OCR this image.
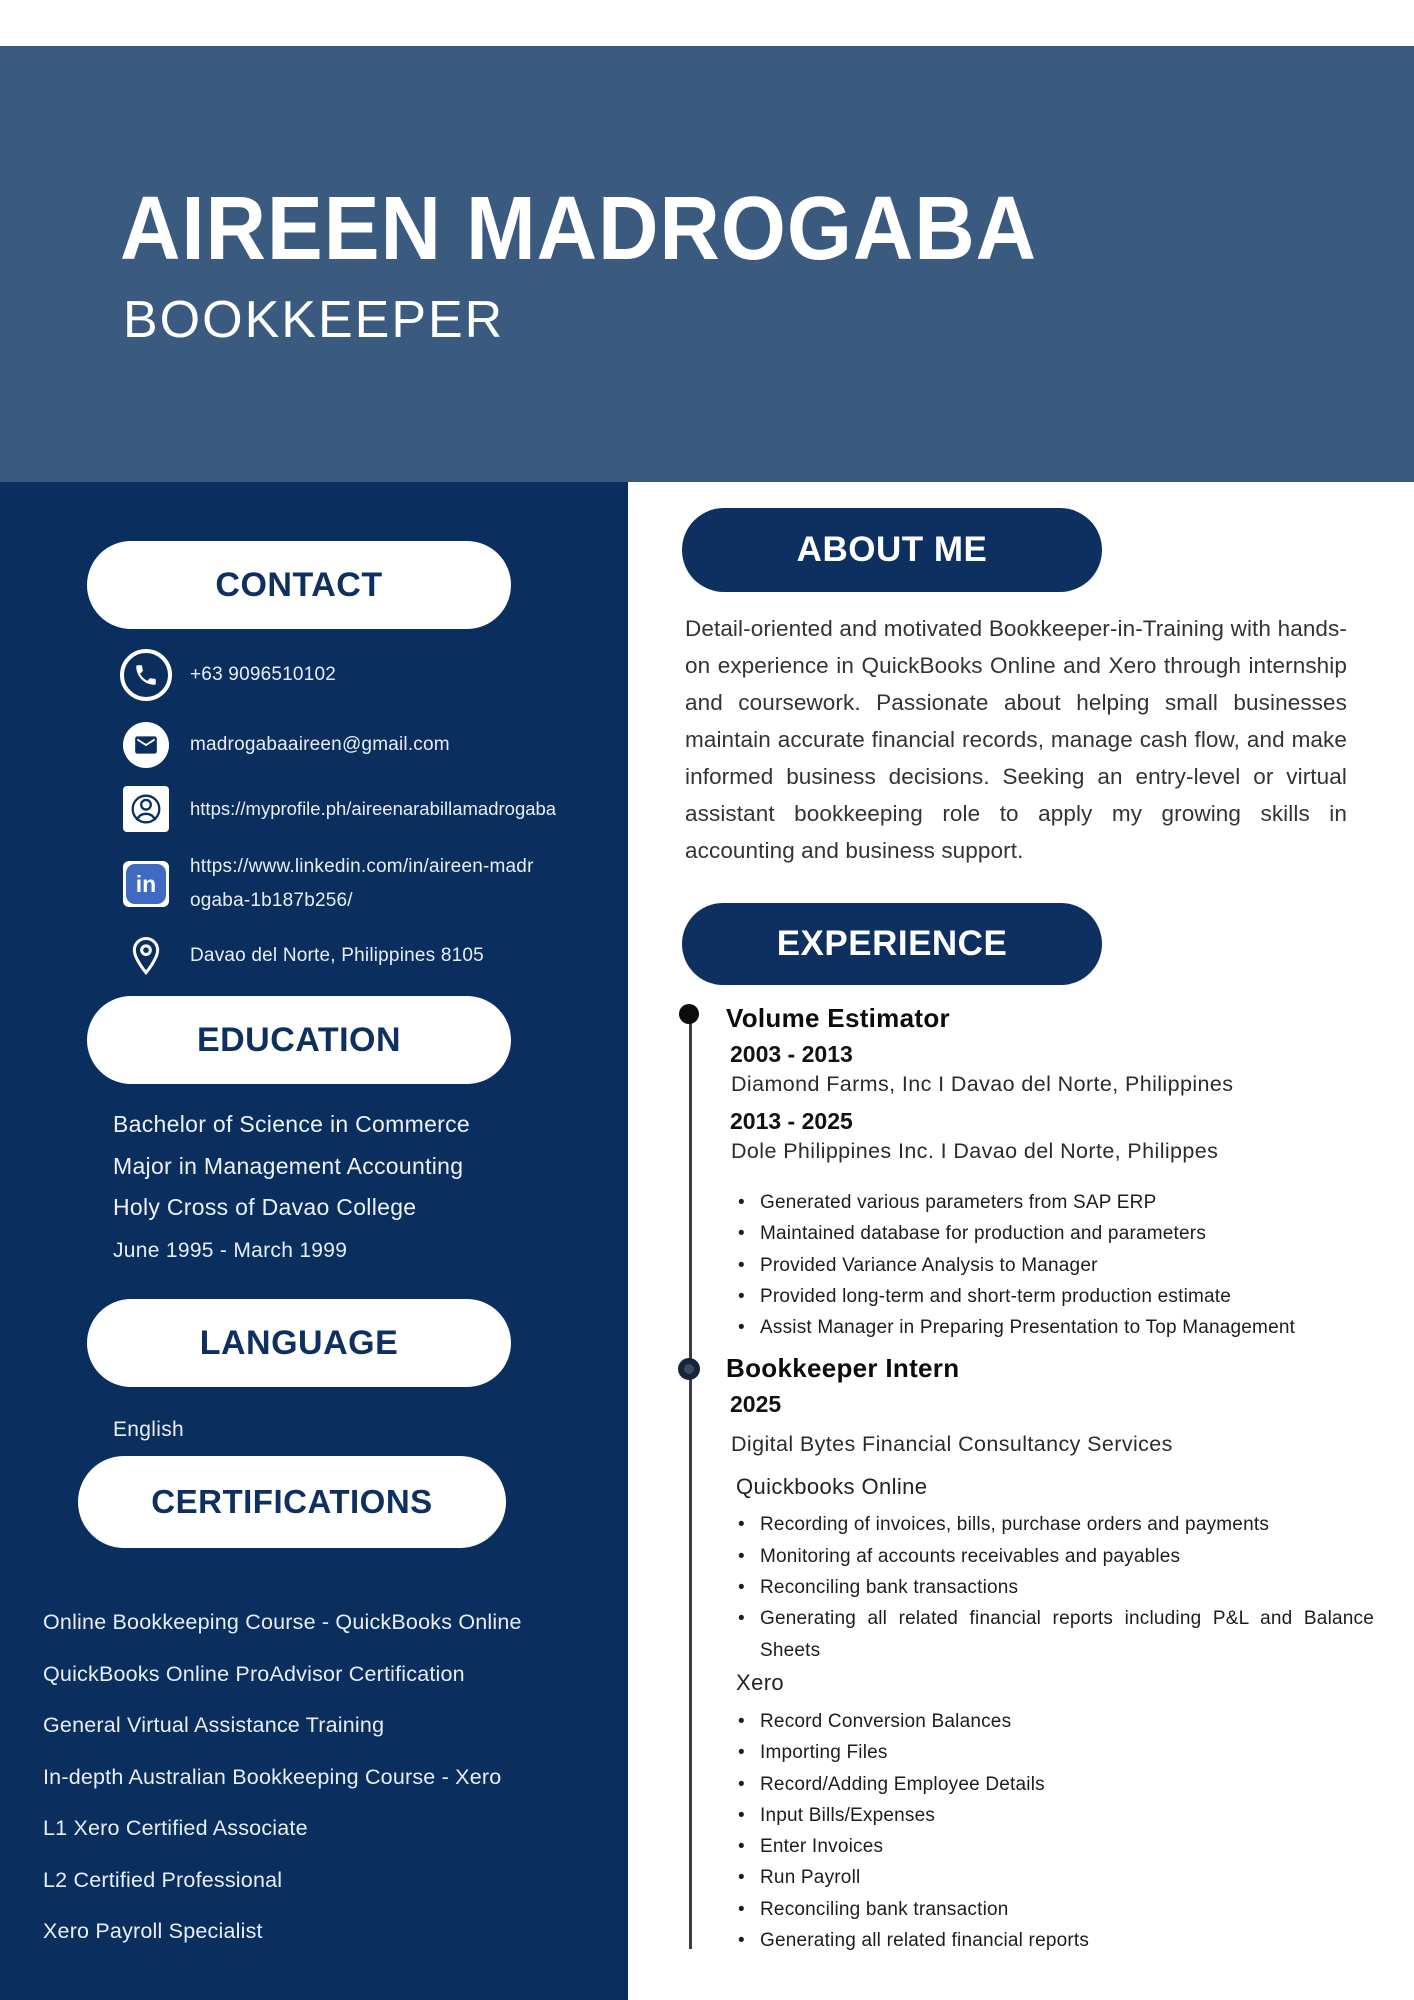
AIREEN MADROGABA
BOOKKEEPER
CONTACT
+63 9096510102
madrogabaaireen@gmail.com
https://myprofile.ph/aireenarabillamadrogaba
in
https://www.linkedin.com/in/aireen-madrogaba-1b187b256/
Davao del Norte, Philippines 8105
EDUCATION
Bachelor of Science in Commerce
Major in Management Accounting
Holy Cross of Davao College
June 1995 - March 1999
LANGUAGE
English
CERTIFICATIONS
Online Bookkeeping Course - QuickBooks Online
QuickBooks Online ProAdvisor Certification
General Virtual Assistance Training
In-depth Australian Bookkeeping Course - Xero
L1 Xero Certified Associate
L2 Certified Professional
Xero Payroll Specialist
ABOUT ME
Detail-oriented and motivated Bookkeeper-in-Training with hands-on experience in QuickBooks Online and Xero through internship and coursework. Passionate about helping small businesses maintain accurate financial records, manage cash flow, and make informed business decisions. Seeking an entry-level or virtual assistant bookkeeping role to apply my growing skills in accounting and business support.
EXPERIENCE
Volume Estimator
2003 - 2013
Diamond Farms, Inc I Davao del Norte, Philippines
2013 - 2025
Dole Philippines Inc. I Davao del Norte, Philippes
• Generated various parameters from SAP ERP
• Maintained database for production and parameters
• Provided Variance Analysis to Manager
• Provided long-term and short-term production estimate
• Assist Manager in Preparing Presentation to Top Management
Bookkeeper Intern
2025
Digital Bytes Financial Consultancy Services
Quickbooks Online
• Recording of invoices, bills, purchase orders and payments
• Monitoring af accounts receivables and payables
• Reconciling bank transactions
• Generating all related financial reports including P&L and Balance Sheets
Xero
• Record Conversion Balances
• Importing Files
• Record/Adding Employee Details
• Input Bills/Expenses
• Enter Invoices
• Run Payroll
• Reconciling bank transaction
• Generating all related financial reports
